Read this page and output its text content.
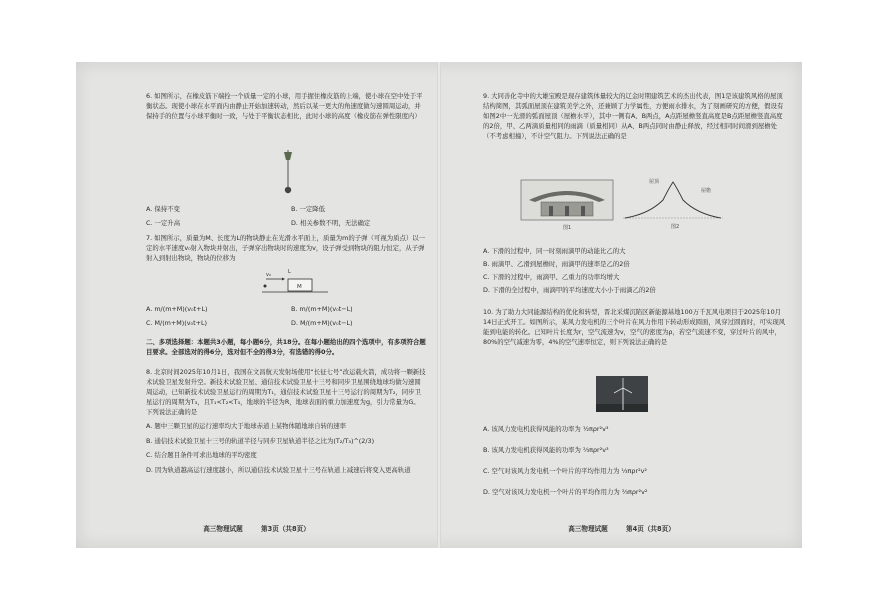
6. 如图所示，在橡皮筋下端拴一个质量一定的小球，用手握住橡皮筋的上端，使小球在空中处于平衡状态。现使小球在水平面内由静止开始加速转动，然后以某一更大的角速度做匀速圆周运动，并保持手的位置与小球平衡时一致，与处于平衡状态相比，此时小球的高度（橡皮筋在弹性限度内）

A. 保持不变	B. 一定降低

C. 一定升高	D. 相关参数不明，无法确定

7. 如图所示，质量为M、长度为L的物块静止在光滑水平面上，质量为m的子弹（可视为质点）以一定的水平速度v₀射入物块并射出，子弹穿出物块时的速度为v，设子弹受到物块的阻力恒定，从子弹射入到射出物块，物块的位移为

v₀	L
M

A. m/(m+M)(v₀t+L)	B. m/(m+M)(v₀t−L)

C. M/(m+M)(v₀t+L)	D. M/(m+M)(v₀t−L)

二、多项选择题：本题共3小题，每小题6分，共18分。在每小题给出的四个选项中，有多项符合题目要求。全部选对的得6分，选对但不全的得3分，有选错的得0分。

8. 北京时间2025年10月1日，我国在文昌航天发射场使用“长征七号”改运载火箭，成功将一颗新技术试验卫星发射升空。新技术试验卫星、通信技术试验卫星十三号和同步卫星围绕地球均做匀速圆周运动，已知新技术试验卫星运行的周期为T₁，通信技术试验卫星十三号运行的周期为T₂，同步卫星运行的周期为T₃，且T₁<T₂<T₃，地球的半径为R，地球表面的重力加速度为g，引力常量为G。下列说法正确的是

A. 题中三颗卫星的运行速率均大于地球赤道上某物体随地球自转的速率

B. 通信技术试验卫星十三号的轨道半径与同步卫星轨道半径之比为(T₂/T₃)^(2/3)

C. 结合题目条件可求出地球的平均密度

D. 因为轨道越高运行速度越小，所以通信技术试验卫星十三号在轨道上减速后将变入更高轨道

高三物理试题	第3页（共8页）

9. 大同善化寺中的大雄宝殿是现存建筑体量较大的辽金时期建筑艺术的杰出代表，图1是该建筑风格的屋顶结构简图，其弧面屋顶在建筑美学之外，还兼顾了力学属性，方便雨水排水，为了刻画研究的方便，假设有如图2中一光滑的弧面屋顶（屋檐水平），其中一侧有A、B两点，A点距屋檐竖直高度是B点距屋檐竖直高度的2倍，甲、乙两滴质量相同的雨滴（质量相同）从A、B两点同时由静止释放，经过相同时间滑到屋檐处（不考虑相撞），不计空气阻力。下列说法正确的是

图1
屋顶
屋檐
图2

A. 下滑的过程中，同一时刻雨滴甲的动能比乙的大

B. 雨滴甲、乙滑到屋檐时，雨滴甲的速率是乙的2倍

C. 下滑的过程中，雨滴甲、乙重力的功率均增大

D. 下滑的全过程中，雨滴甲的平均速度大小小于雨滴乙的2倍

10. 为了助力大同能源结构的优化和转型，晋北采煤沉陷区新能源基地100万千瓦风电项目于2025年10月14日正式开工。如图所示，某风力发电机的三个叶片在风力作用下转动形成圆面，风穿过圆面时，可实现风能到电能的转化。已知叶片长度为r，空气流速为v，空气的密度为ρ，若空气流速不变，穿过叶片的风中，80%的空气减速为零，4%的空气速率恒定，则下列说法正确的是

A. 该风力发电机获得风能的功率为 ½πρr²v³

B. 该风力发电机获得风能的功率为 ⅔πρr²v³

C. 空气对该风力发电机一个叶片的平均作用力为 ⅓πρr²v²

D. 空气对该风力发电机一个叶片的平均作用力为 ⅔πρr²v²

高三物理试题	第4页（共8页）
